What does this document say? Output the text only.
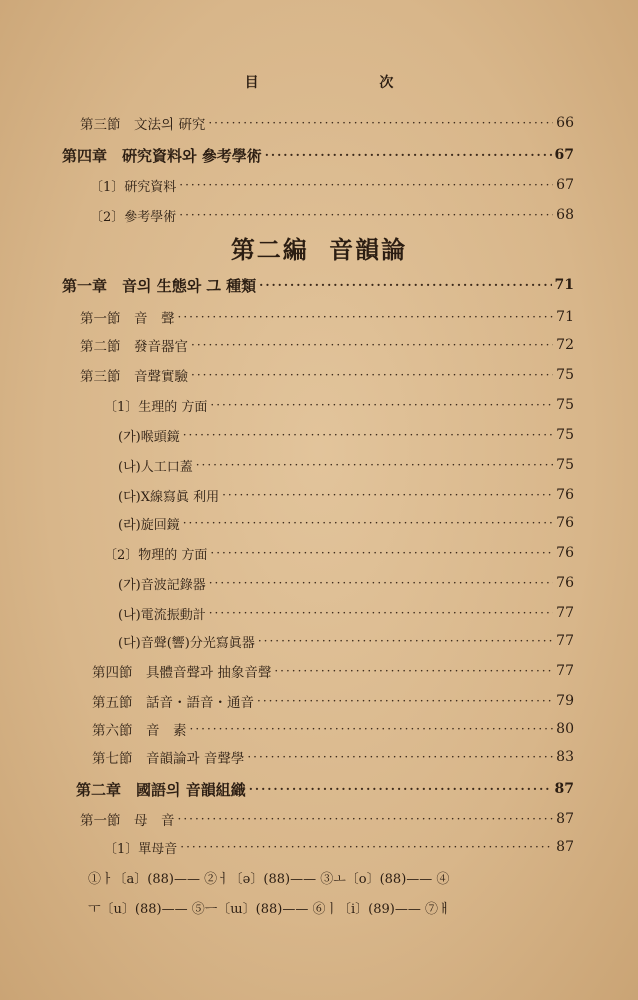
目 次
第三節　文法의 硏究 ·····	66
第四章　硏究資料와 參考學術 ·····	67
〔1〕硏究資料 ·····	67
〔2〕參考學術 ·····	68
第二編 音韻論
第一章　音의 生態와 그 種類 ·····	71
第一節　音　聲 ·····	71
第二節　發音器官 ·····	72
第三節　音聲實驗 ·····	75
〔1〕生理的 方面 ·····	75
(가)喉頭鏡 ·····	75
(나)人工口蓋 ·····	75
(다)X線寫眞 利用 ·····	76
(라)旋回鏡 ·····	76
〔2〕物理的 方面 ·····	76
(가)音波記錄器 ·····	76
(나)電流振動計 ·····	77
(다)音聲(響)分光寫眞器 ·····	77
第四節　具體音聲과 抽象音聲 ·····	77
第五節　話音・語音・通音 ·····	79
第六節　音　素 ·····	80
第七節　音韻論과 音聲學 ·····	83
第二章　國語의 音韻組織 ·····	87
第一節　母　音 ·····	87
〔1〕單母音 ·····	87
①ㅏ〔a〕(88)—— ②ㅓ〔ə〕(88)—— ③ㅗ〔o〕(88)—— ④
ㅜ〔u〕(88)—— ⑤ㅡ〔ɯ〕(88)—— ⑥ㅣ〔i〕(89)—— ⑦ㅐ
